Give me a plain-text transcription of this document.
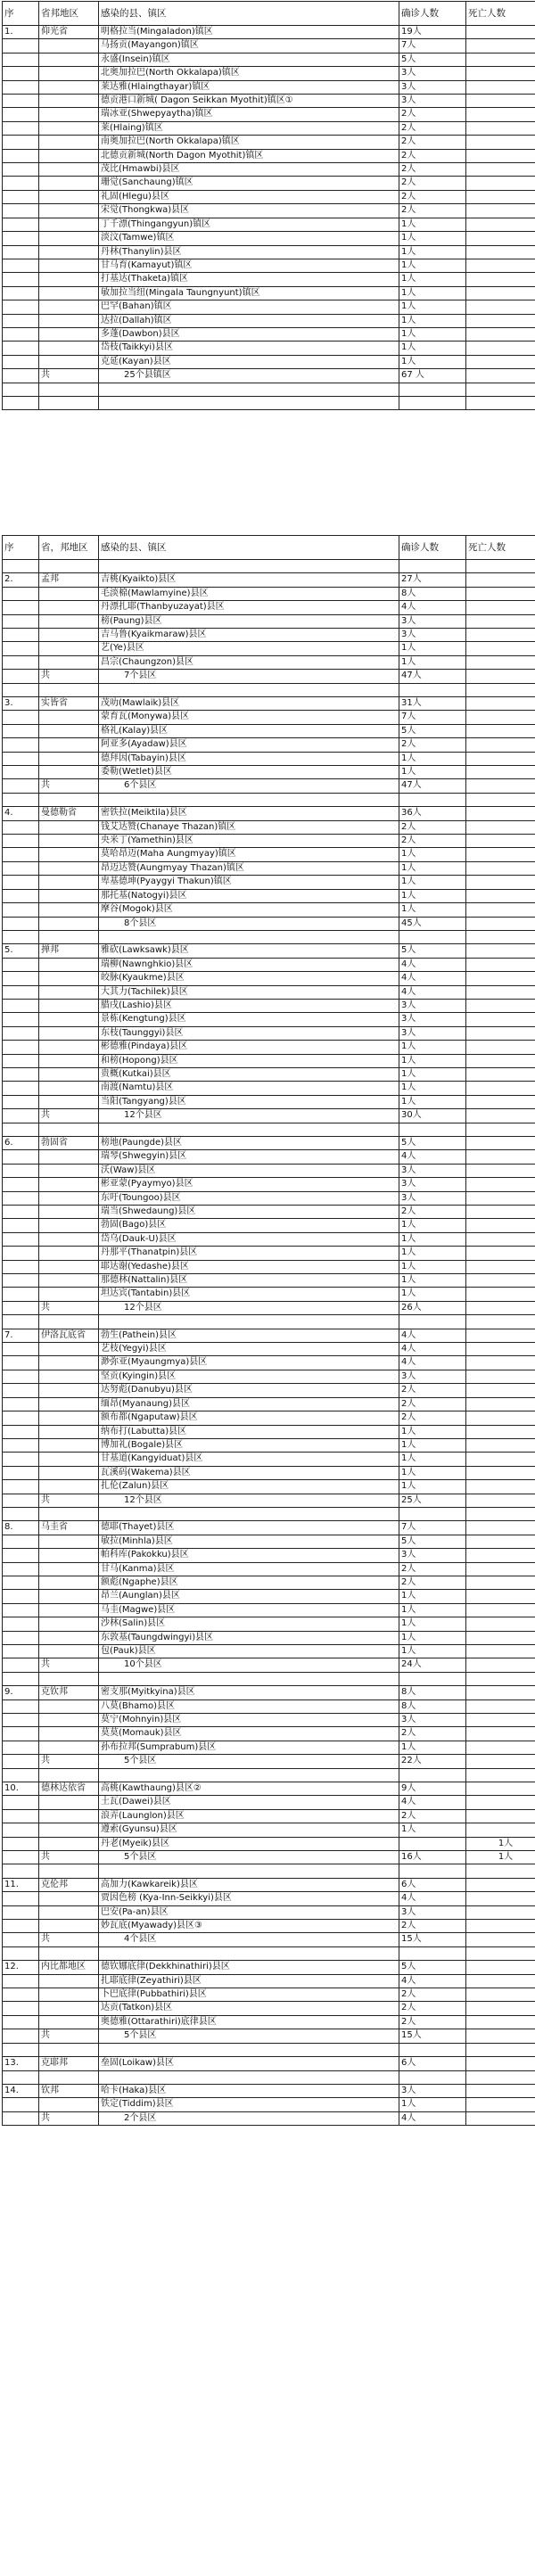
序	省邦地区	感染的县、镇区	确诊人数	死亡人数
1.	仰光省	明格拉当(Mingaladon)镇区	19人	
		马扬贡(Mayangon)镇区	7人	
		永盛(Insein)镇区	5人	
		北奥加拉巴(North Okkalapa)镇区	3人	
		莱达雅(Hlaingthayar)镇区	3人	
		德贡港口新城( Dagon Seikkan Myothit)镇区①	3人	
		瑞冰亚(Shwepyaytha)镇区	2人	
		莱(Hlaing)镇区	2人	
		南奥加拉巴(North Okkalapa)镇区	2人	
		北德贡新城(North Dagon Myothit)镇区	2人	
		茂比(Hmawbi)县区	2人	
		珊觉(Sanchaung)镇区	2人	
		礼固(Hlegu)县区	2人	
		宋觉(Thongkwa)县区	2人	
		丁千漂(Thingangyun)镇区	1人	
		淡汶(Tamwe)镇区	1人	
		丹林(Thanylin)县区	1人	
		甘马育(Kamayut)镇区	1人	
		打基达(Thaketa)镇区	1人	
		敏加拉当纽(Mingala Taungnyunt)镇区	1人	
		巴罕(Bahan)镇区	1人	
		达拉(Dallah)镇区	1人	
		多蓬(Dawbon)县区	1人	
		岱枝(Taikkyi)县区	1人	
		克延(Kayan)县区	1人	
	共	25个县镇区	67 人	

序	省，邦地区	感染的县、镇区	确诊人数	死亡人数

2.	孟邦	吉桃(Kyaikto)县区	27人	
		毛淡棉(Mawlamyine)县区	8人	
		丹漂扎耶(Thanbyuzayat)县区	4人	
		榜(Paung)县区	3人	
		吉马鲁(Kyaikmaraw)县区	3人	
		艺(Ye)县区	1人	
		昌宗(Chaungzon)县区	1人	
	共	7个县区	47人	

3.	实皆省	茂叻(Mawlaik)县区	31人	
		蒙育瓦(Monywa)县区	7人	
		格礼(Kalay)县区	5人	
		阿亚多(Ayadaw)县区	2人	
		德拜因(Tabayin)县区	1人	
		委勒(Wetlet)县区	1人	
	共	6个县区	47人	

4.	曼德勒省	密铁拉(Meiktila)县区	36人	
		钱艾达赞(Chanaye Thazan)镇区	2人	
		央米丁(Yamethin)县区	2人	
		莫哈昂迈(Maha Aungmyay)镇区	1人	
		昂迈达赞(Aungmyay Thazan)镇区	1人	
		卑基德坤(Pyaygyi Thakun)镇区	1人	
		那托基(Natogyi)县区	1人	
		摩谷(Mogok)县区	1人	
		8个县区	45人	

5.	掸邦	雅砍(Lawksawk)县区	5人	
		瑞柳(Nawnghkio)县区	4人	
		皎脉(Kyaukme)县区	4人	
		大其力(Tachilek)县区	4人	
		腊戌(Lashio)县区	3人	
		景栋(Kengtung)县区	3人	
		东枝(Taunggyi)县区	3人	
		彬德雅(Pindaya)县区	1人	
		和榜(Hopong)县区	1人	
		贵概(Kutkai)县区	1人	
		南渡(Namtu)县区	1人	
		当阳(Tangyang)县区	1人	
	共	12个县区	30人	

6.	勃固省	榜地(Paungde)县区	5人	
		瑞琴(Shwegyin)县区	4人	
		沃(Waw)县区	3人	
		彬亚蒙(Pyaymyo)县区	3人	
		东吁(Toungoo)县区	3人	
		瑞当(Shwedaung)县区	2人	
		勃固(Bago)县区	1人	
		岱乌(Dauk-U)县区	1人	
		丹那平(Thanatpin)县区	1人	
		耶达谢(Yedashe)县区	1人	
		那德林(Nattalin)县区	1人	
		坦达宾(Tantabin)县区	1人	
	共	12个县区	26人	

7.	伊洛瓦底省	勃生(Pathein)县区	4人	
		艺枝(Yegyi)县区	4人	
		渺弥亚(Myaungmya)县区	4人	
		坚贡(Kyingin)县区	3人	
		达努彪(Danubyu)县区	2人	
		缅昂(Myanaung)县区	2人	
		额布都(Ngaputaw)县区	2人	
		纳布打(Labutta)县区	1人	
		博加礼(Bogale)县区	1人	
		甘基道(Kangyiduat)县区	1人	
		瓦溪码(Wakema)县区	1人	
		扎伦(Zalun)县区	1人	
	共	12个县区	25人	

8.	马圭省	德耶(Thayet)县区	7人	
		敏拉(Minhla)县区	5人	
		帕科库(Pakokku)县区	3人	
		甘马(Kanma)县区	2人	
		额彪(Ngaphe)县区	2人	
		昂兰(Aunglan)县区	1人	
		马圭(Magwe)县区	1人	
		沙林(Salin)县区	1人	
		东敦基(Taungdwingyi)县区	1人	
		包(Pauk)县区	1人	
	共	10个县区	24人	

9.	克钦邦	密支那(Myitkyina)县区	8人	
		八莫(Bhamo)县区	8人	
		莫宁(Mohnyin)县区	3人	
		莫莫(Momauk)县区	2人	
		孙布拉邦(Sumprabum)县区	1人	
	共	5个县区	22人	

10.	德林达依省	高桃(Kawthaung)县区②	9人	
		土瓦(Dawei)县区	4人	
		浪弄(Launglon)县区	2人	
		遵索(Gyunsu)县区	1人	
		丹老(Myeik)县区		1人
	共	5个县区	16人	1人

11.	克伦邦	高加力(Kawkareik)县区	6人	
		贾因色榜 (Kya-Inn-Seikkyi)县区	4人	
		巴安(Pa-an)县区	3人	
		妙瓦底(Myawady)县区③	2人	
	共	4个县区	15人	

12.	内比都地区	德钦娜底律(Dekkhinathiri)县区	5人	
		扎耶底律(Zeyathiri)县区	4人	
		卜巴底律(Pubbathiri)县区	2人	
		达贡(Tatkon)县区	2人	
		奥德雅(Ottarathiri)底律县区	2人	
	共	5个县区	15人	

13.	克耶邦	垒固(Loikaw)县区	6人	

14.	钦邦	哈卡(Haka)县区	3人	
		铁定(Tiddim)县区	1人	
	共	2个县区	4人	
